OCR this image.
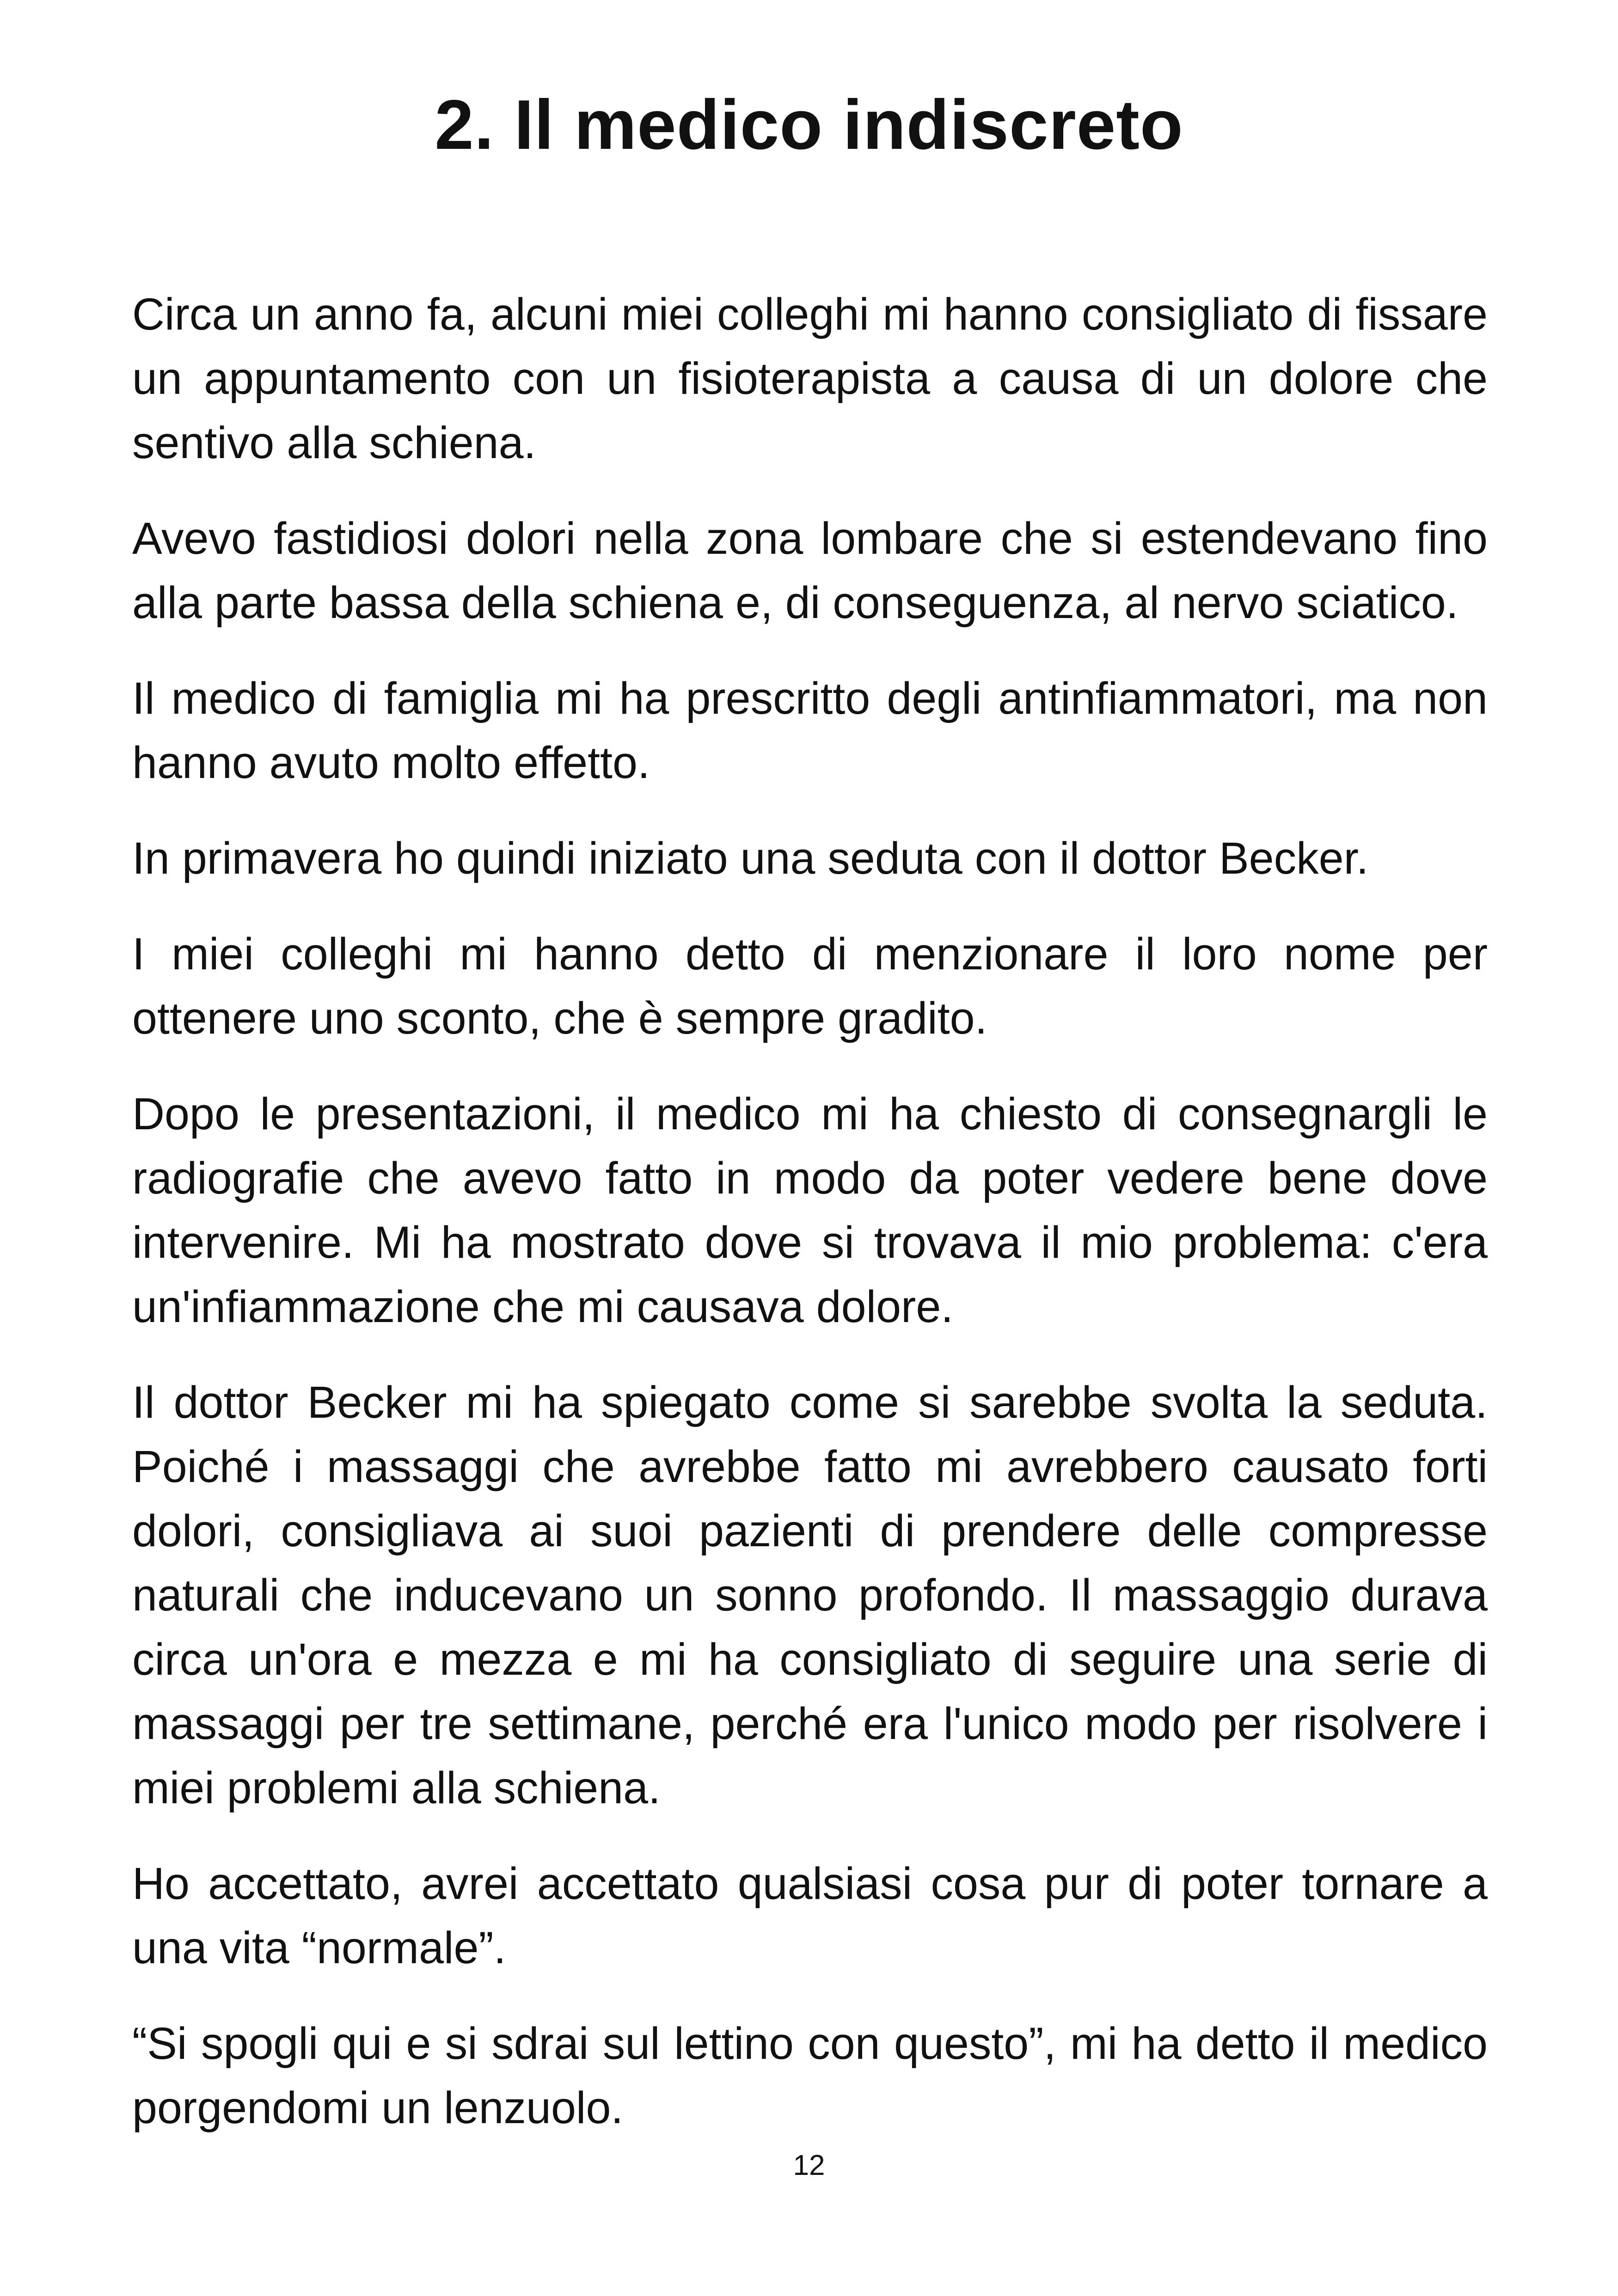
2. Il medico indiscreto

Circa un anno fa, alcuni miei colleghi mi hanno consigliato di fissare un appuntamento con un fisioterapista a causa di un dolore che sentivo alla schiena.

Avevo fastidiosi dolori nella zona lombare che si estendevano fino alla parte bassa della schiena e, di conseguenza, al nervo sciatico.

Il medico di famiglia mi ha prescritto degli antinfiammatori, ma non hanno avuto molto effetto.

In primavera ho quindi iniziato una seduta con il dottor Becker.

I miei colleghi mi hanno detto di menzionare il loro nome per ottenere uno sconto, che è sempre gradito.

Dopo le presentazioni, il medico mi ha chiesto di consegnargli le radiografie che avevo fatto in modo da poter vedere bene dove intervenire. Mi ha mostrato dove si trovava il mio problema: c'era un'infiammazione che mi causava dolore.

Il dottor Becker mi ha spiegato come si sarebbe svolta la seduta. Poiché i massaggi che avrebbe fatto mi avrebbero causato forti dolori, consigliava ai suoi pazienti di prendere delle compresse naturali che inducevano un sonno profondo. Il massaggio durava circa un'ora e mezza e mi ha consigliato di seguire una serie di massaggi per tre settimane, perché era l'unico modo per risolvere i miei problemi alla schiena.

Ho accettato, avrei accettato qualsiasi cosa pur di poter tornare a una vita “normale”.

“Si spogli qui e si sdrai sul lettino con questo”, mi ha detto il medico porgendomi un lenzuolo.

12
